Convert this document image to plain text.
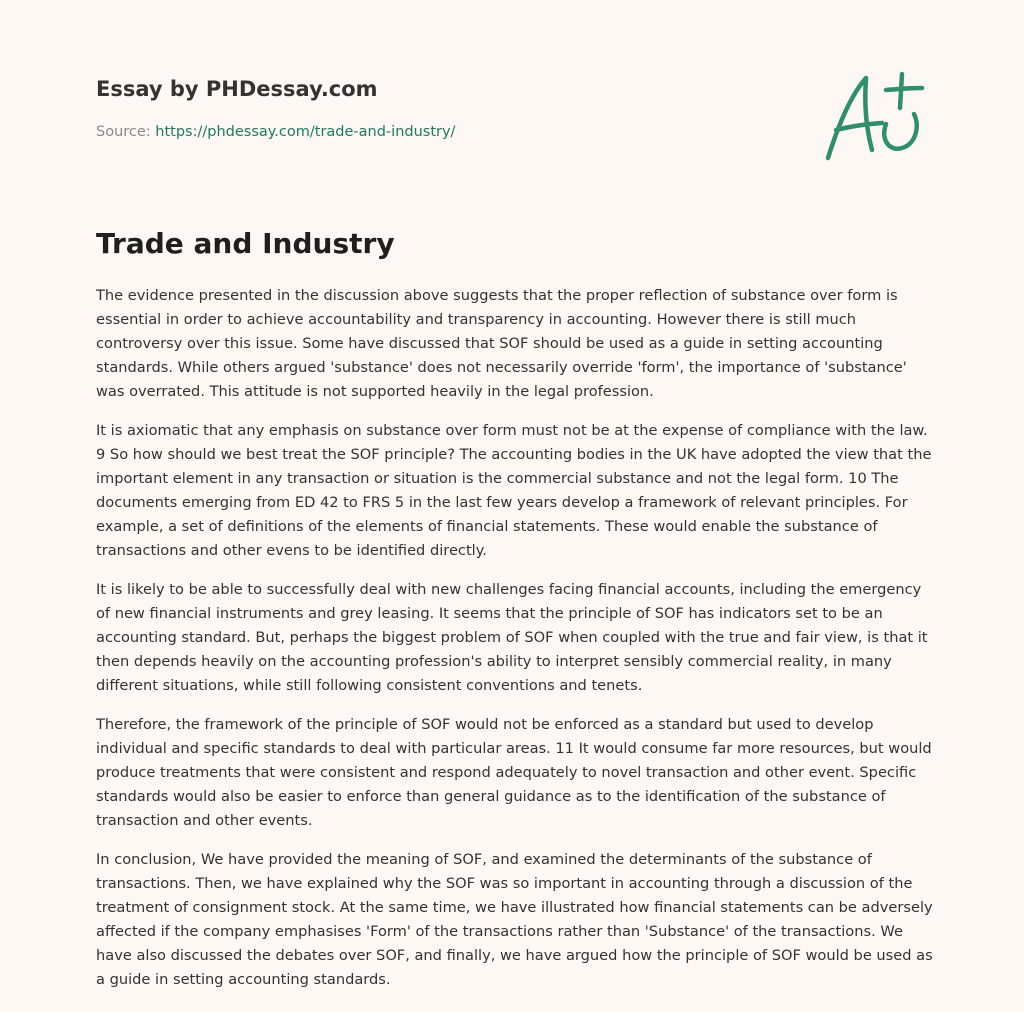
Essay by PHDessay.com

Source: https://phdessay.com/trade-and-industry/
Trade and Industry

The evidence presented in the discussion above suggests that the proper reflection of substance over form is essential in order to achieve accountability and transparency in accounting. However there is still much controversy over this issue. Some have discussed that SOF should be used as a guide in setting accounting standards. While others argued 'substance' does not necessarily override 'form', the importance of 'substance' was overrated. This attitude is not supported heavily in the legal profession.

It is axiomatic that any emphasis on substance over form must not be at the expense of compliance with the law. 9 So how should we best treat the SOF principle? The accounting bodies in the UK have adopted the view that the important element in any transaction or situation is the commercial substance and not the legal form. 10 The documents emerging from ED 42 to FRS 5 in the last few years develop a framework of relevant principles. For example, a set of definitions of the elements of financial statements. These would enable the substance of transactions and other evens to be identified directly.

It is likely to be able to successfully deal with new challenges facing financial accounts, including the emergency of new financial instruments and grey leasing. It seems that the principle of SOF has indicators set to be an accounting standard. But, perhaps the biggest problem of SOF when coupled with the true and fair view, is that it then depends heavily on the accounting profession's ability to interpret sensibly commercial reality, in many different situations, while still following consistent conventions and tenets.

Therefore, the framework of the principle of SOF would not be enforced as a standard but used to develop individual and specific standards to deal with particular areas. 11 It would consume far more resources, but would produce treatments that were consistent and respond adequately to novel transaction and other event. Specific standards would also be easier to enforce than general guidance as to the identification of the substance of transaction and other events.

In conclusion, We have provided the meaning of SOF, and examined the determinants of the substance of transactions. Then, we have explained why the SOF was so important in accounting through a discussion of the treatment of consignment stock. At the same time, we have illustrated how financial statements can be adversely affected if the company emphasises 'Form' of the transactions rather than 'Substance' of the transactions. We have also discussed the debates over SOF, and finally, we have argued how the principle of SOF would be used as a guide in setting accounting standards.
